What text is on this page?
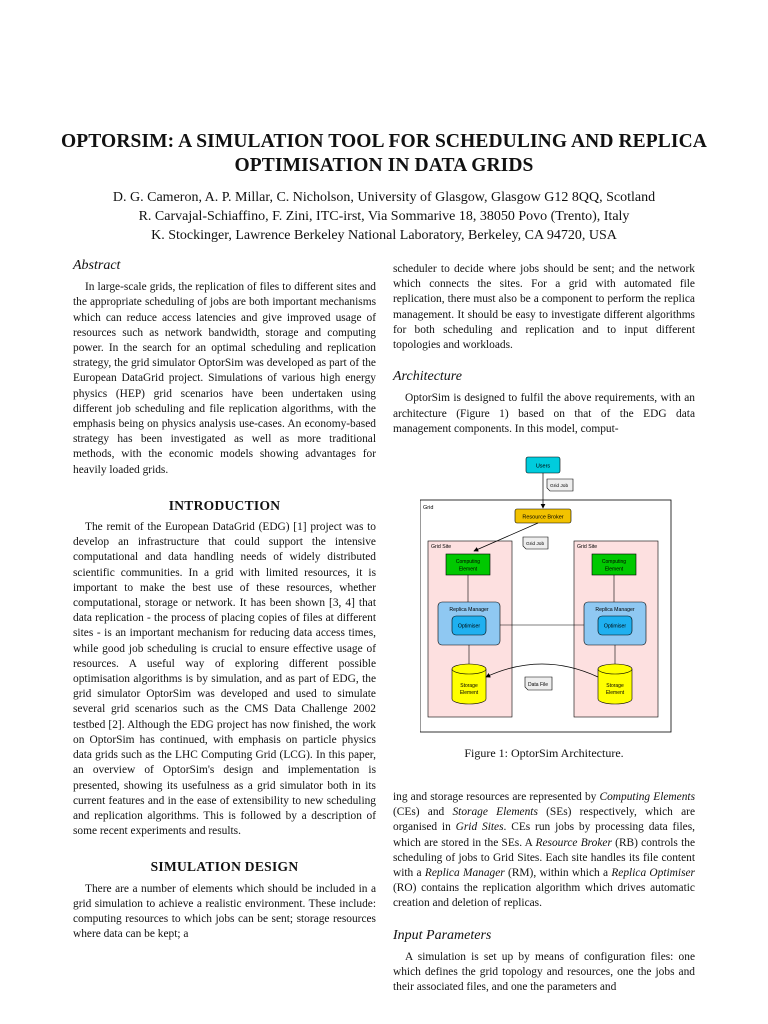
OPTORSIM: A SIMULATION TOOL FOR SCHEDULING AND REPLICA
OPTIMISATION IN DATA GRIDS
D. G. Cameron, A. P. Millar, C. Nicholson, University of Glasgow, Glasgow G12 8QQ, Scotland
R. Carvajal-Schiaffino, F. Zini, ITC-irst, Via Sommarive 18, 38050 Povo (Trento), Italy
K. Stockinger, Lawrence Berkeley National Laboratory, Berkeley, CA 94720, USA
Abstract

In large-scale grids, the replication of files to different sites and the appropriate scheduling of jobs are both important mechanisms which can reduce access latencies and give improved usage of resources such as network bandwidth, storage and computing power. In the search for an optimal scheduling and replication strategy, the grid simulator OptorSim was developed as part of the European DataGrid project. Simulations of various high energy physics (HEP) grid scenarios have been undertaken using different job scheduling and file replication algorithms, with the emphasis being on physics analysis use-cases. An economy-based strategy has been investigated as well as more traditional methods, with the economic models showing advantages for heavily loaded grids.

INTRODUCTION

The remit of the European DataGrid (EDG) [1] project was to develop an infrastructure that could support the intensive computational and data handling needs of widely distributed scientific communities. In a grid with limited resources, it is important to make the best use of these resources, whether computational, storage or network. It has been shown [3, 4] that data replication - the process of placing copies of files at different sites - is an important mechanism for reducing data access times, while good job scheduling is crucial to ensure effective usage of resources. A useful way of exploring different possible optimisation algorithms is by simulation, and as part of EDG, the grid simulator OptorSim was developed and used to simulate several grid scenarios such as the CMS Data Challenge 2002 testbed [2]. Although the EDG project has now finished, the work on OptorSim has continued, with emphasis on particle physics data grids such as the LHC Computing Grid (LCG). In this paper, an overview of OptorSim's design and implementation is presented, showing its usefulness as a grid simulator both in its current features and in the ease of extensibility to new scheduling and replication algorithms. This is followed by a description of some recent experiments and results.

SIMULATION DESIGN

There are a number of elements which should be included in a grid simulation to achieve a realistic environment. These include: computing resources to which jobs can be sent; storage resources where data can be kept; a

scheduler to decide where jobs should be sent; and the network which connects the sites. For a grid with automated file replication, there must also be a component to perform the replica management. It should be easy to investigate different algorithms for both scheduling and replication and to input different topologies and workloads.

Architecture

OptorSim is designed to fulfil the above requirements, with an architecture (Figure 1) based on that of the EDG data management components. In this model, comput-

Grid
Users
Grid Job
Resource Broker
Grid Job
Grid Site	Grid Site
Computing
Element
Computing
Element
Replica Manager
Optimiser
Replica Manager
Optimiser
Storage
Element
Storage
Element
Data File
Figure 1: OptorSim Architecture.

ing and storage resources are represented by Computing Elements (CEs) and Storage Elements (SEs) respectively, which are organised in Grid Sites. CEs run jobs by processing data files, which are stored in the SEs. A Resource Broker (RB) controls the scheduling of jobs to Grid Sites. Each site handles its file content with a Replica Manager (RM), within which a Replica Optimiser (RO) contains the replication algorithm which drives automatic creation and deletion of replicas.

Input Parameters

A simulation is set up by means of configuration files: one which defines the grid topology and resources, one the jobs and their associated files, and one the parameters and
